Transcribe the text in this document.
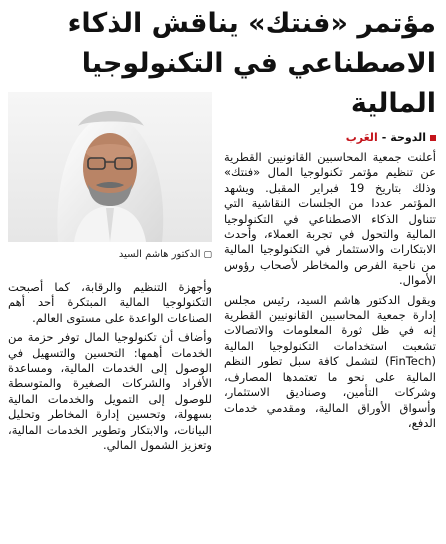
مؤتمر «فنتك» يناقش الذكاء الاصطناعي في التكنولوجيا المالية
▢الدكتور هاشم السيد
الدوحة
-
العَرب

أعلنت جمعية المحاسبين القانونيين القطرية عن تنظيم مؤتمر تكنولوجيا المال «فنتك» وذلك بتاريخ 19 فبراير المقبل. ويشهد المؤتمر عددا من الجلسات النقاشية التي تتناول الذكاء الاصطناعي في التكنولوجيا المالية والتحول في تجربة العملاء، وأحدث الابتكارات والاستثمار في التكنولوجيا المالية من ناحية الفرص والمخاطر لأصحاب رؤوس الأموال.

ويقول الدكتور هاشم السيد، رئيس مجلس إدارة جمعية المحاسبين القانونيين القطرية إنه في ظل ثورة المعلومات والاتصالات تشعبت استخدامات التكنولوجيا المالية (FinTech) لتشمل كافة سبل تطور النظم المالية على نحو ما تعتمدها المصارف، وشركات التأمين، وصناديق الاستثمار، وأسواق الأوراق المالية، ومقدمي خدمات الدفع،

وأجهزة التنظيم والرقابة، كما أصبحت التكنولوجيا المالية المبتكرة أحد أهم الصناعات الواعدة على مستوى العالم.

وأضاف أن تكنولوجيا المال توفر حزمة من الخدمات أهمها: التحسين والتسهيل في الوصول إلى الخدمات المالية، ومساعدة الأفراد والشركات الصغيرة والمتوسطة للوصول إلى التمويل والخدمات المالية بسهولة، وتحسين إدارة المخاطر وتحليل البيانات، والابتكار وتطوير الخدمات المالية، وتعزيز الشمول المالي.
